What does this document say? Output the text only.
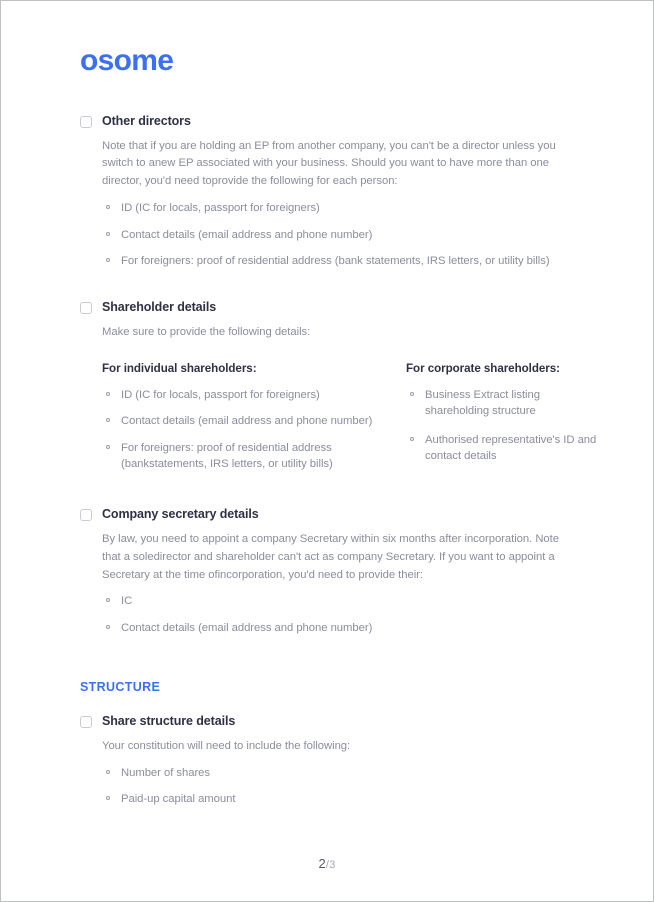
osome
Other directors
Note that if you are holding an EP from another company, you can't be a director unless you switch to anew EP associated with your business. Should you want to have more than one director, you'd need toprovide the following for each person:
ID (IC for locals, passport for foreigners)
Contact details (email address and phone number)
For foreigners: proof of residential address (bank statements, IRS letters, or utility bills)
Shareholder details
Make sure to provide the following details:
For individual shareholders:
ID (IC for locals, passport for foreigners)
Contact details (email address and phone number)
For foreigners: proof of residential address (bankstatements, IRS letters, or utility bills)
For corporate shareholders:
Business Extract listing shareholding structure
Authorised representative's ID and contact details
Company secretary details
By law, you need to appoint a company Secretary within six months after incorporation. Note that a soledirector and shareholder can't act as company Secretary. If you want to appoint a Secretary at the time ofincorporation, you'd need to provide their:
IC
Contact details (email address and phone number)
STRUCTURE
Share structure details
Your constitution will need to include the following:
Number of shares
Paid-up capital amount
2/3
